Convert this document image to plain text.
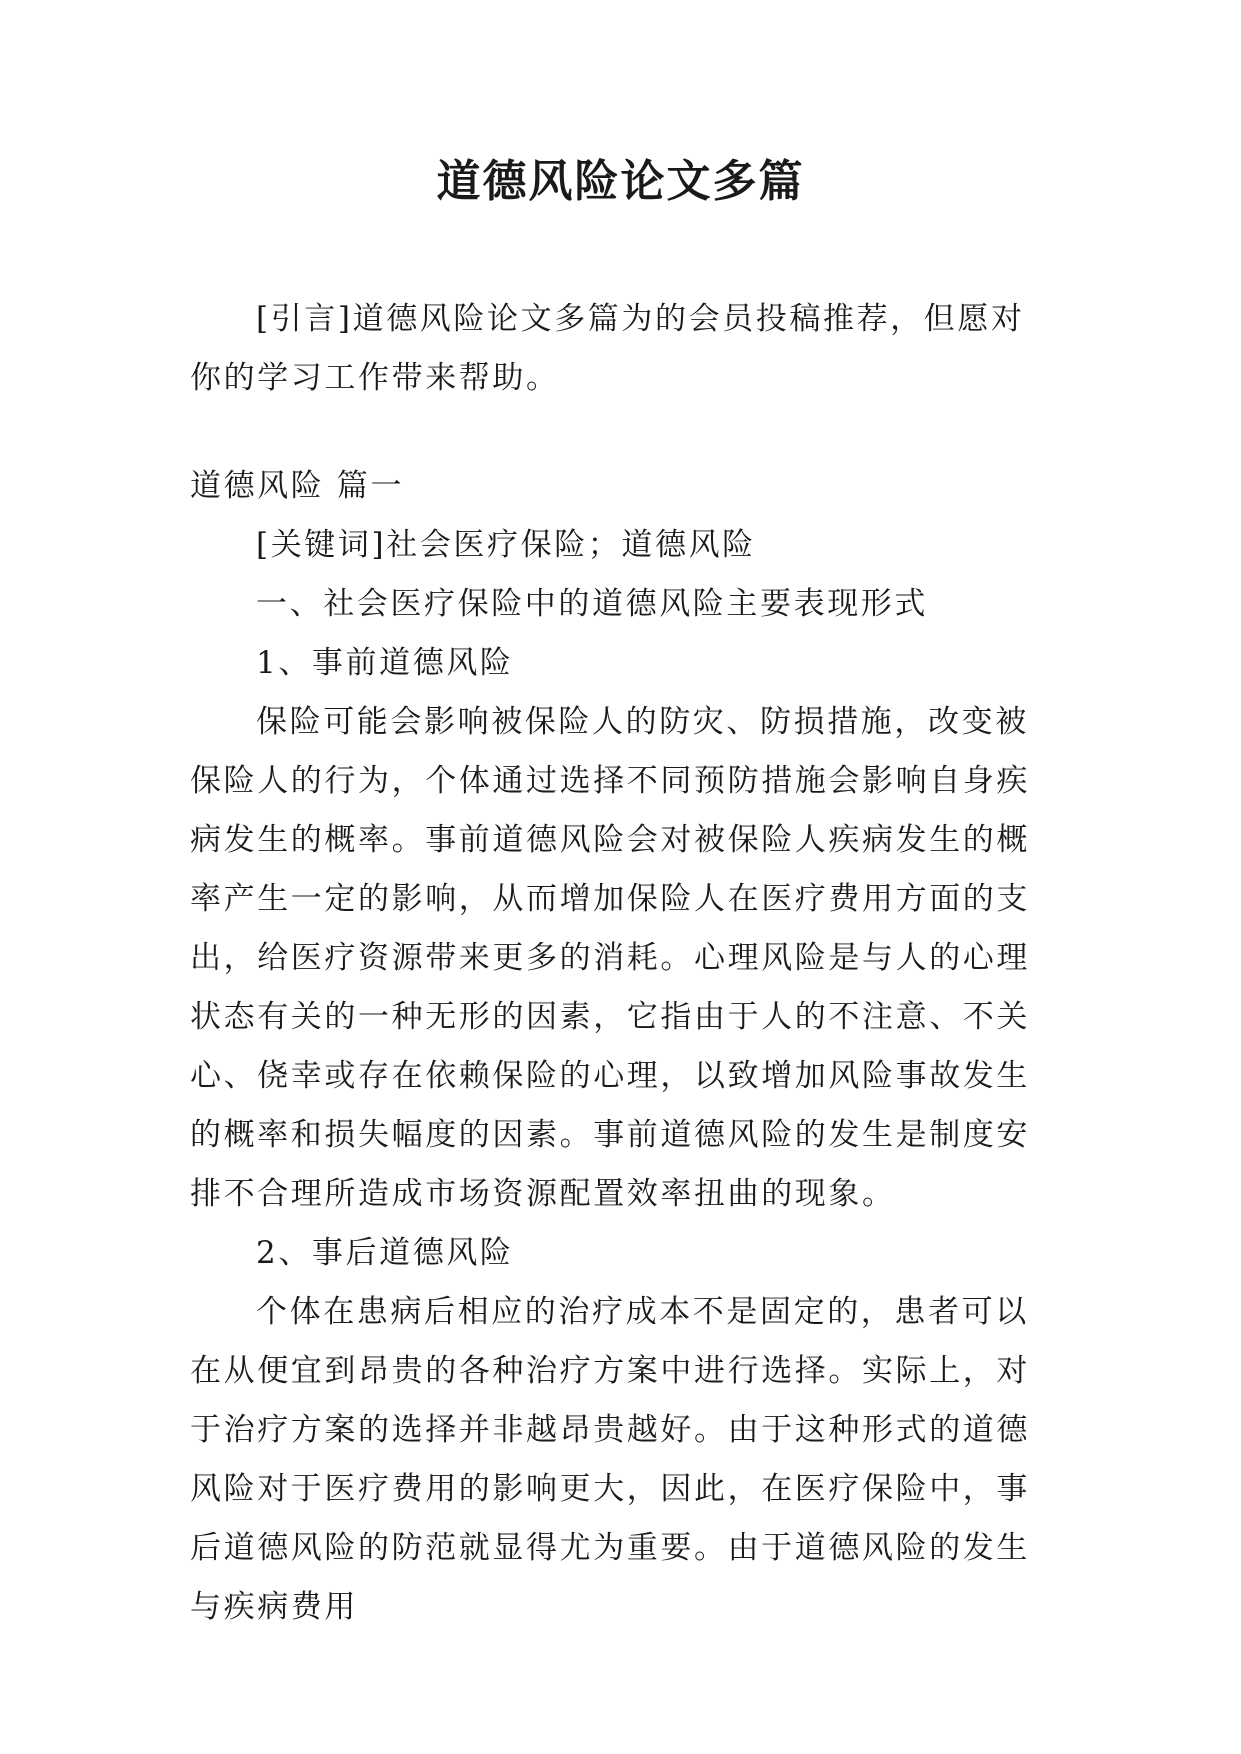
道德风险论文多篇

[引言]道德风险论文多篇为的会员投稿推荐，但愿对你的学习工作带来帮助。

道德风险 篇一

[关键词]社会医疗保险；道德风险

一、社会医疗保险中的道德风险主要表现形式

1、事前道德风险

保险可能会影响被保险人的防灾、防损措施，改变被保险人的行为，个体通过选择不同预防措施会影响自身疾病发生的概率。事前道德风险会对被保险人疾病发生的概率产生一定的影响，从而增加保险人在医疗费用方面的支出，给医疗资源带来更多的消耗。心理风险是与人的心理状态有关的一种无形的因素，它指由于人的不注意、不关心、侥幸或存在依赖保险的心理，以致增加风险事故发生的概率和损失幅度的因素。事前道德风险的发生是制度安排不合理所造成市场资源配置效率扭曲的现象。

2、事后道德风险

个体在患病后相应的治疗成本不是固定的，患者可以在从便宜到昂贵的各种治疗方案中进行选择。实际上，对于治疗方案的选择并非越昂贵越好。由于这种形式的道德风险对于医疗费用的影响更大，因此，在医疗保险中，事后道德风险的防范就显得尤为重要。由于道德风险的发生与疾病费用
